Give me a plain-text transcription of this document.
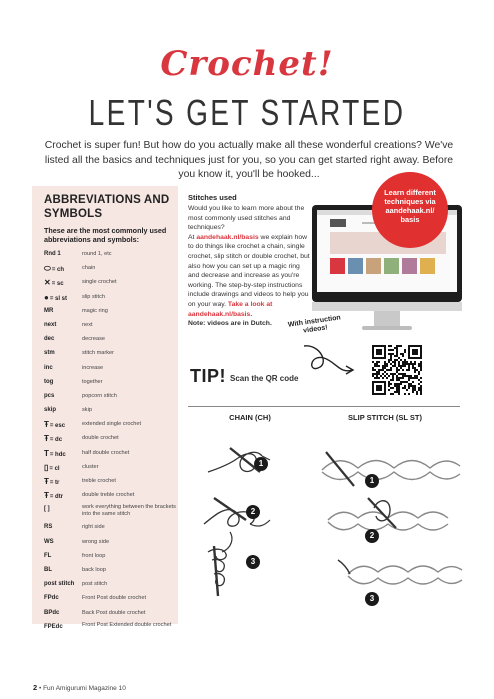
Crochet!
LET'S GET STARTED
Crochet is super fun! But how do you actually make all these wonderful creations? We've listed all the basics and techniques just for you, so you can get started right away. Before you know it, you'll be hooked...
ABBREVIATIONS AND
SYMBOLS
These are the most commonly used abbreviations and symbols:
Rnd 1	round 1, etc
⬭= ch	chain
✕= sc	single crochet
●= sl st	slip stitch
MR	magic ring
next	next
dec	decrease
stm	stitch marker
inc	increase
tog	together
pcs	popcorn stitch
skip	skip
Ŧ= esc	extended single crochet
Ŧ= dc	double crochet
T= hdc	half double crochet
▯= cl	cluster
Ŧ= tr	treble crochet
Ŧ= dtr	double treble crochet
[ ]	work everything between the brackets into the same stitch
RS	right side
WS	wrong side
FL	front loop
BL	back loop
post stitch	post stitch
FPdc	Front Post double crochet
BPdc	Back Post double crochet
FPEdc	Front Post Extended double crochet
Stitches used
Would you like to learn more about the most commonly used stitches and techniques?
At aandehaak.nl/basis we explain how to do things like crochet a chain, single crochet, slip stitch or double crochet, but also how you can set up a magic ring and decrease and increase as you're working. The step-by-step instructions include drawings and videos to help you on your way. Take a look at aandehaak.nl/basis.
Note: videos are in Dutch.
Learn different
techniques via
aandehaak.nl/
basis
With instruction videos!
TIP! Scan the QR code
CHAIN (CH)	SLIP STITCH (SL ST)
1
2
3
1
2
3
2 • Fun Amigurumi Magazine 10
